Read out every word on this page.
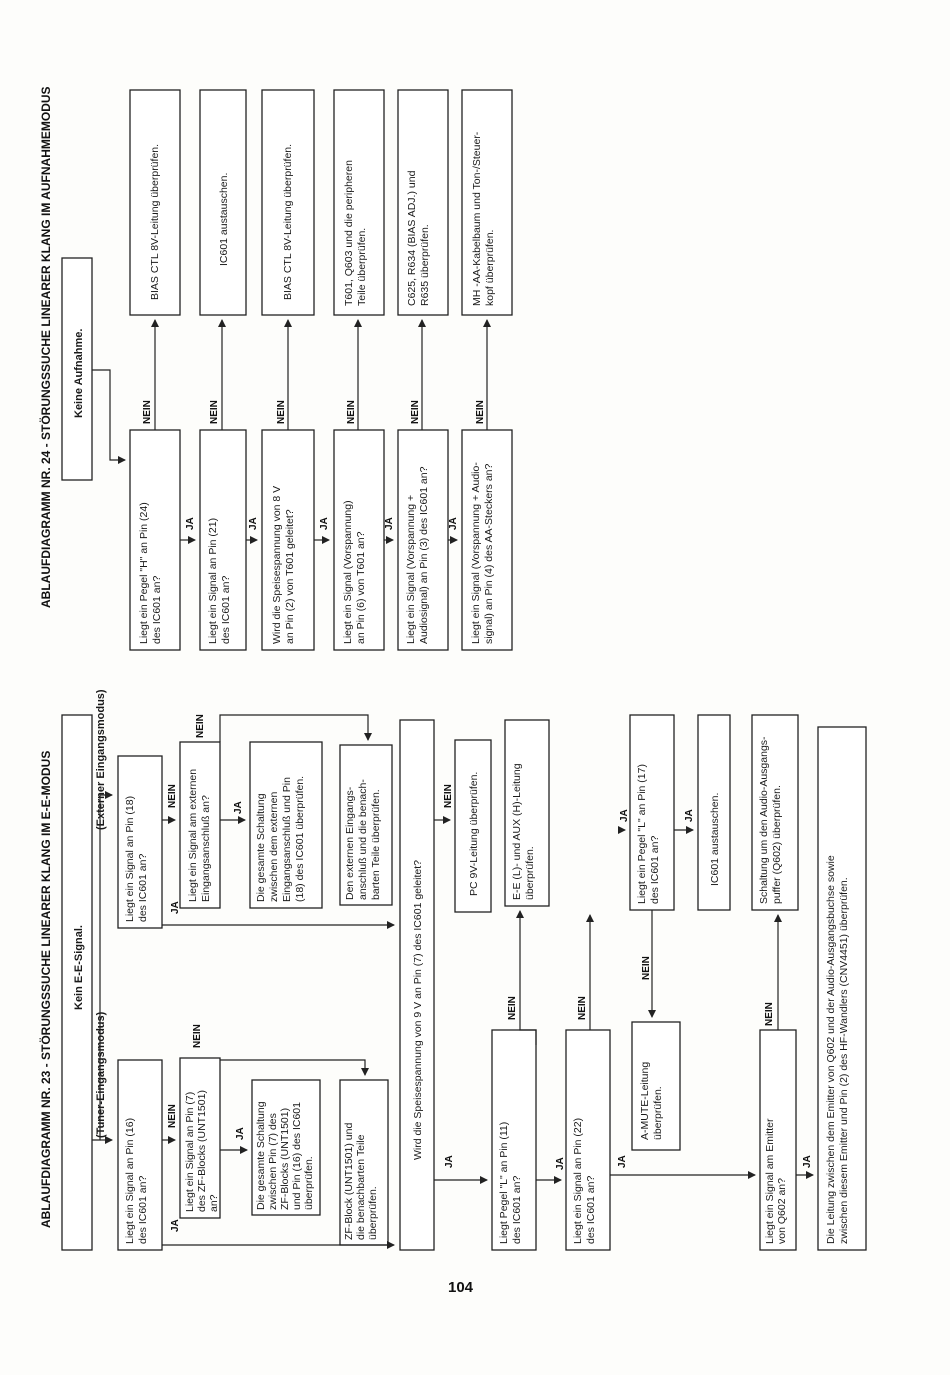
ABLAUFDIAGRAMM NR. 23 - STÖRUNGSSUCHE LINEARER KLANG IM E-E-MODUS Kein E-E-Signal.
(Tuner-Eingangsmodus)
(Externer Eingangsmodus)
Liegt ein Signal an Pin (16)des IC601 an?	Liegt ein Signal an Pin (7)des ZF-Blocks (UNT1501)an?	Die gesamte Schaltungzwischen Pin (7) desZF-Blocks (UNT1501)und Pin (16) des IC601überprüfen.	ZF-Block (UNT1501) unddie benachbarten Teileüberprüfen.
Liegt ein Signal an Pin (18)des IC601 an?	Liegt ein Signal am externenEingangsanschluß an?	Die gesamte Schaltungzwischen dem externenEingangsanschluß und Pin(18) des IC601 überprüfen.	Den externen Eingangs-anschluß und die benach-barten Teile überprüfen.
Wird die Speisespannung von 9 V an Pin (7) des IC601 geleitet?
PC 9V-Leitung überprüfen.	E-E (L)- und AUX (H)-Leitungüberprüfen.
Liegt Pegel "L" an Pin (11)des IC601 an?	Liegt ein Signal an Pin (22)des IC601 an?
A-MUTE-Leitungüberprüfen.
Liegt ein Pegel "L" an Pin (17)des IC601 an?	IC601 austauschen.	Schaltung um den Audio-Ausgangs-puffer (Q602) überprüfen.
Liegt ein Signal am Emittervon Q602 an?	Die Leitung zwischen dem Emitter von Q602 und der Audio-Ausgangsbuchse sowiezwischen diesem Emitter und Pin (2) des HF-Wandlers (CNV4451) überprüfen.
JA
NEIN
JA
NEIN
JA
NEIN	JA
NEIN
NEIN
JA
NEIN
JA
NEIN
NEIN
JA	JA
JA
NEIN
JA
ABLAUFDIAGRAMM NR. 24 - STÖRUNGSSUCHE LINEARER KLANG IM AUFNAHMEMODUS Keine Aufnahme.
Liegt ein Pegel "H" an Pin (24)des IC601 an?	Liegt ein Signal an Pin (21)des IC601 an?	Wird die Speisespannung von 8 Van Pin (2) von T601 geleitet?	Liegt ein Signal (Vorspannung)an Pin (6) von T601 an?	Liegt ein Signal (Vorspannung +Audiosignal) an Pin (3) des IC601 an?	Liegt ein Signal (Vorspannung + Audio-signal) an Pin (4) des AA-Steckers an?
BIAS CTL 8V-Leitung überprüfen.	IC601 austauschen.	BIAS CTL 8V-Leitung überprüfen.	T601, Q603 und die peripherenTeile überprüfen.	C625, R634 (BIAS ADJ.) undR635 überprüfen.	MH -AA-Kabelbaum und Ton-/Steuer-kopf überprüfen.
NEIN	NEIN	NEIN	NEIN	NEIN	NEIN
JA	JA	JA	JA	JA
104
